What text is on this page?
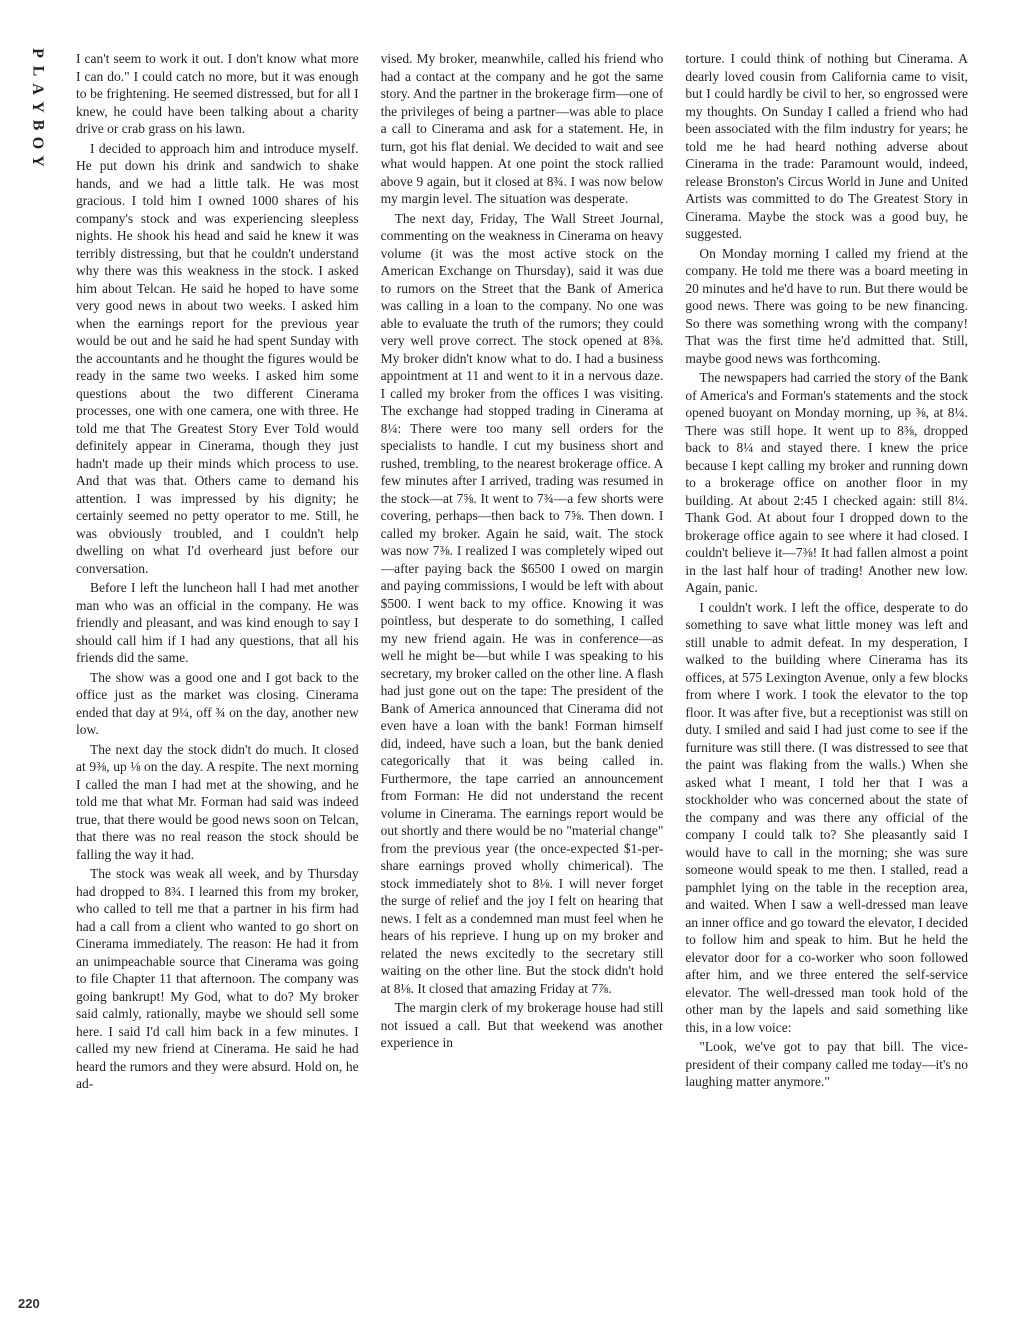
P
L
A
Y
B
O
Y

I can't seem to work it out. I don't know what more I can do." I could catch no more, but it was enough to be frightening. He seemed distressed, but for all I knew, he could have been talking about a charity drive or crab grass on his lawn.

I decided to approach him and introduce myself. He put down his drink and sandwich to shake hands, and we had a little talk. He was most gracious. I told him I owned 1000 shares of his company's stock and was experiencing sleepless nights. He shook his head and said he knew it was terribly distressing, but that he couldn't understand why there was this weakness in the stock. I asked him about Telcan. He said he hoped to have some very good news in about two weeks. I asked him when the earnings report for the previous year would be out and he said he had spent Sunday with the accountants and he thought the figures would be ready in the same two weeks. I asked him some questions about the two different Cinerama processes, one with one camera, one with three. He told me that The Greatest Story Ever Told would definitely appear in Cinerama, though they just hadn't made up their minds which process to use. And that was that. Others came to demand his attention. I was impressed by his dignity; he certainly seemed no petty operator to me. Still, he was obviously troubled, and I couldn't help dwelling on what I'd overheard just before our conversation.

Before I left the luncheon hall I had met another man who was an official in the company. He was friendly and pleasant, and was kind enough to say I should call him if I had any questions, that all his friends did the same.

The show was a good one and I got back to the office just as the market was closing. Cinerama ended that day at 9¼, off ¾ on the day, another new low.

The next day the stock didn't do much. It closed at 9⅜, up ⅛ on the day. A respite. The next morning I called the man I had met at the showing, and he told me that what Mr. Forman had said was indeed true, that there would be good news soon on Telcan, that there was no real reason the stock should be falling the way it had.

The stock was weak all week, and by Thursday had dropped to 8¾. I learned this from my broker, who called to tell me that a partner in his firm had had a call from a client who wanted to go short on Cinerama immediately. The reason: He had it from an unimpeachable source that Cinerama was going to file Chapter 11 that afternoon. The company was going bankrupt! My God, what to do? My broker said calmly, rationally, maybe we should sell some here. I said I'd call him back in a few minutes. I called my new friend at Cinerama. He said he had heard the rumors and they were absurd. Hold on, he ad-

vised. My broker, meanwhile, called his friend who had a contact at the company and he got the same story. And the partner in the brokerage firm—one of the privileges of being a partner—was able to place a call to Cinerama and ask for a statement. He, in turn, got his flat denial. We decided to wait and see what would happen. At one point the stock rallied above 9 again, but it closed at 8¾. I was now below my margin level. The situation was desperate.

The next day, Friday, The Wall Street Journal, commenting on the weakness in Cinerama on heavy volume (it was the most active stock on the American Exchange on Thursday), said it was due to rumors on the Street that the Bank of America was calling in a loan to the company. No one was able to evaluate the truth of the rumors; they could very well prove correct. The stock opened at 8⅜. My broker didn't know what to do. I had a business appointment at 11 and went to it in a nervous daze. I called my broker from the offices I was visiting. The exchange had stopped trading in Cinerama at 8¼: There were too many sell orders for the specialists to handle. I cut my business short and rushed, trembling, to the nearest brokerage office. A few minutes after I arrived, trading was resumed in the stock—at 7⅝. It went to 7¾—a few shorts were covering, perhaps—then back to 7⅝. Then down. I called my broker. Again he said, wait. The stock was now 7⅜. I realized I was completely wiped out—after paying back the $6500 I owed on margin and paying commissions, I would be left with about $500. I went back to my office. Knowing it was pointless, but desperate to do something, I called my new friend again. He was in conference—as well he might be—but while I was speaking to his secretary, my broker called on the other line. A flash had just gone out on the tape: The president of the Bank of America announced that Cinerama did not even have a loan with the bank! Forman himself did, indeed, have such a loan, but the bank denied categorically that it was being called in. Furthermore, the tape carried an announcement from Forman: He did not understand the recent volume in Cinerama. The earnings report would be out shortly and there would be no "material change" from the previous year (the once-expected $1-per-share earnings proved wholly chimerical). The stock immediately shot to 8⅛. I will never forget the surge of relief and the joy I felt on hearing that news. I felt as a condemned man must feel when he hears of his reprieve. I hung up on my broker and related the news excitedly to the secretary still waiting on the other line. But the stock didn't hold at 8⅛. It closed that amazing Friday at 7⅞.

The margin clerk of my brokerage house had still not issued a call. But that weekend was another experience in

torture. I could think of nothing but Cinerama. A dearly loved cousin from California came to visit, but I could hardly be civil to her, so engrossed were my thoughts. On Sunday I called a friend who had been associated with the film industry for years; he told me he had heard nothing adverse about Cinerama in the trade: Paramount would, indeed, release Bronston's Circus World in June and United Artists was committed to do The Greatest Story in Cinerama. Maybe the stock was a good buy, he suggested.

On Monday morning I called my friend at the company. He told me there was a board meeting in 20 minutes and he'd have to run. But there would be good news. There was going to be new financing. So there was something wrong with the company! That was the first time he'd admitted that. Still, maybe good news was forthcoming.

The newspapers had carried the story of the Bank of America's and Forman's statements and the stock opened buoyant on Monday morning, up ⅜, at 8¼. There was still hope. It went up to 8⅜, dropped back to 8¼ and stayed there. I knew the price because I kept calling my broker and running down to a brokerage office on another floor in my building. At about 2:45 I checked again: still 8¼. Thank God. At about four I dropped down to the brokerage office again to see where it had closed. I couldn't believe it—7⅜! It had fallen almost a point in the last half hour of trading! Another new low. Again, panic.

I couldn't work. I left the office, desperate to do something to save what little money was left and still unable to admit defeat. In my desperation, I walked to the building where Cinerama has its offices, at 575 Lexington Avenue, only a few blocks from where I work. I took the elevator to the top floor. It was after five, but a receptionist was still on duty. I smiled and said I had just come to see if the furniture was still there. (I was distressed to see that the paint was flaking from the walls.) When she asked what I meant, I told her that I was a stockholder who was concerned about the state of the company and was there any official of the company I could talk to? She pleasantly said I would have to call in the morning; she was sure someone would speak to me then. I stalled, read a pamphlet lying on the table in the reception area, and waited. When I saw a well-dressed man leave an inner office and go toward the elevator, I decided to follow him and speak to him. But he held the elevator door for a co-worker who soon followed after him, and we three entered the self-service elevator. The well-dressed man took hold of the other man by the lapels and said something like this, in a low voice:

"Look, we've got to pay that bill. The vice-president of their company called me today—it's no laughing matter anymore."

220
